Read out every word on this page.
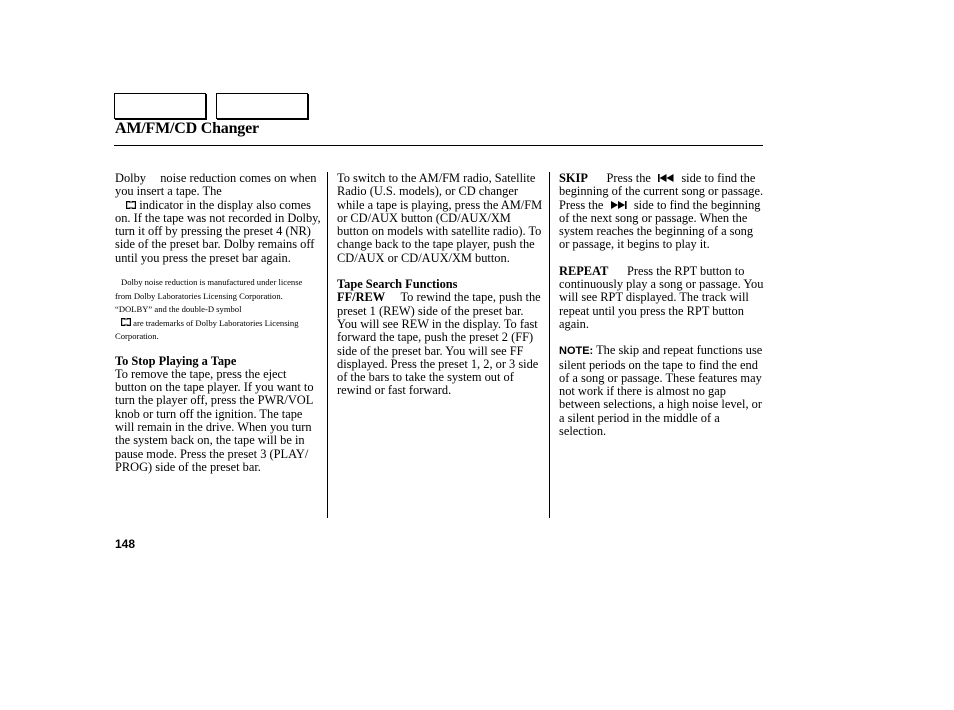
AM/FM/CD Changer

Dolby noise reduction comes on when you insert a tape. The
indicator in the display also comes on. If the tape was not recorded in Dolby, turn it off by pressing the preset 4 (NR) side of the preset bar. Dolby remains off until you press the preset bar again.

Dolby noise reduction is manufactured under license from Dolby Laboratories Licensing Corporation. “DOLBY” and the double-D symbol
are trademarks of Dolby Laboratories Licensing Corporation.

To Stop Playing a Tape

To remove the tape, press the eject button on the tape player. If you want to turn the player off, press the PWR/VOL knob or turn off the ignition. The tape will remain in the drive. When you turn the system back on, the tape will be in pause mode. Press the preset 3 (PLAY/ PROG) side of the preset bar.

To switch to the AM/FM radio, Satellite Radio (U.S. models), or CD changer while a tape is playing, press the AM/FM or CD/AUX button (CD/AUX/XM button on models with satellite radio). To change back to the tape player, push the CD/AUX or CD/AUX/XM button.

Tape Search Functions

FF/REW To rewind the tape, push the preset 1 (REW) side of the preset bar. You will see REW in the display. To fast forward the tape, push the preset 2 (FF) side of the preset bar. You will see FF displayed. Press the preset 1, 2, or 3 side of the bars to take the system out of rewind or fast forward.

SKIP Press the side to find the beginning of the current song or passage. Press the side to find the beginning of the next song or passage. When the system reaches the beginning of a song or passage, it begins to play it.

REPEAT Press the RPT button to continuously play a song or passage. You will see RPT displayed. The track will repeat until you press the RPT button again.

NOTE: The skip and repeat functions use silent periods on the tape to find the end of a song or passage. These features may not work if there is almost no gap between selections, a high noise level, or a silent period in the middle of a selection.

148
